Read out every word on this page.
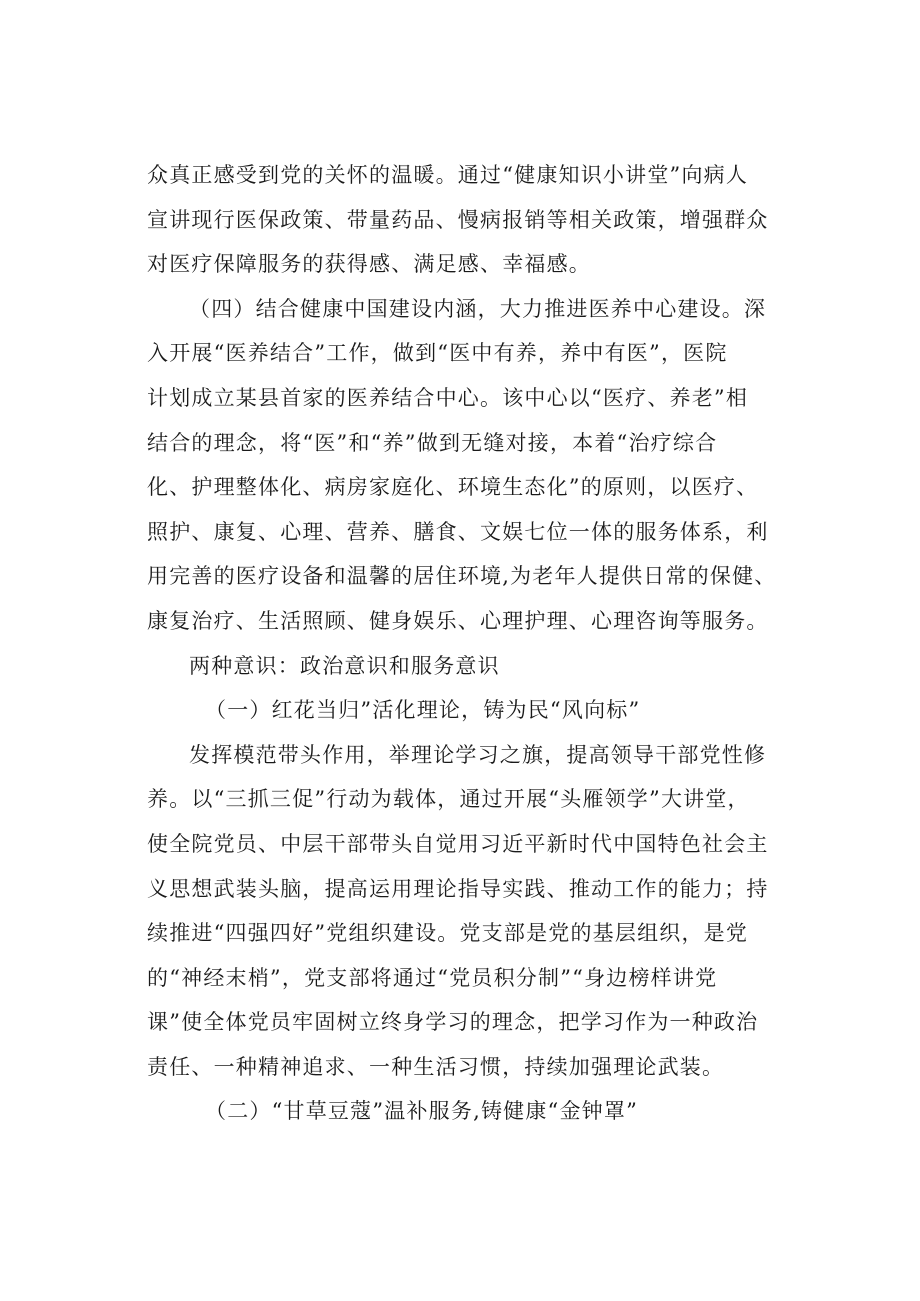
众真正感受到党的关怀的温暖。通过“健康知识小讲堂”向病人
宣讲现行医保政策、带量药品、慢病报销等相关政策，增强群众
对医疗保障服务的获得感、满足感、幸福感。
（四）结合健康中国建设内涵，大力推进医养中心建设。深
入开展“医养结合”工作，做到“医中有养，养中有医”，医院
计划成立某县首家的医养结合中心。该中心以“医疗、养老”相
结合的理念，将“医”和“养”做到无缝对接，本着“治疗综合
化、护理整体化、病房家庭化、环境生态化”的原则，以医疗、
照护、康复、心理、营养、膳食、文娱七位一体的服务体系，利
用完善的医疗设备和温馨的居住环境,为老年人提供日常的保健、
康复治疗、生活照顾、健身娱乐、心理护理、心理咨询等服务。
两种意识：政治意识和服务意识
（一）红花当归”活化理论，铸为民“风向标”
发挥模范带头作用，举理论学习之旗，提高领导干部党性修
养。以“三抓三促”行动为载体，通过开展“头雁领学”大讲堂，
使全院党员、中层干部带头自觉用习近平新时代中国特色社会主
义思想武装头脑，提高运用理论指导实践、推动工作的能力；持
续推进“四强四好”党组织建设。党支部是党的基层组织，是党
的“神经末梢”，党支部将通过“党员积分制”“身边榜样讲党
课”使全体党员牢固树立终身学习的理念，把学习作为一种政治
责任、一种精神追求、一种生活习惯，持续加强理论武装。
（二）“甘草豆蔻”温补服务,铸健康“金钟罩”
